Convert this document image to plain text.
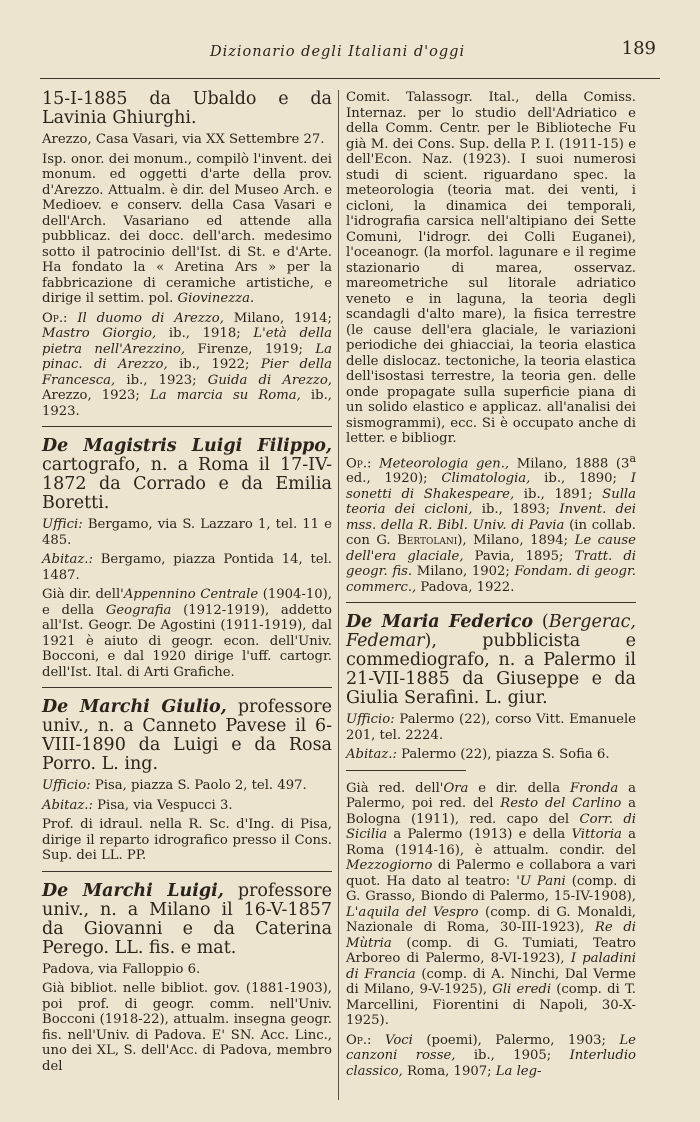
Dizionario degli Italiani d'oggi	189

15-I-1885 da Ubaldo e da Lavinia Ghiurghi.

Arezzo, Casa Vasari, via XX Settembre 27.

Isp. onor. dei monum., compilò l'invent. dei monum. ed oggetti d'arte della prov. d'Arezzo. Attualm. è dir. del Museo Arch. e Medioev. e conserv. della Casa Vasari e dell'Arch. Vasariano ed attende alla pubblicaz. dei docc. dell'arch. medesimo sotto il patrocinio dell'Ist. di St. e d'Arte. Ha fondato la « Aretina Ars » per la fabbricazione di ceramiche artistiche, e dirige il settim. pol. Giovinezza.

Op.: Il duomo di Arezzo, Milano, 1914; Mastro Giorgio, ib., 1918; L'età della pietra nell'Arezzino, Firenze, 1919; La pinac. di Arezzo, ib., 1922; Pier della Francesca, ib., 1923; Guida di Arezzo, Arezzo, 1923; La marcia su Roma, ib., 1923.

De Magistris Luigi Filippo, cartografo, n. a Roma il 17-IV-1872 da Corrado e da Emilia Boretti.

Uffici: Bergamo, via S. Lazzaro 1, tel. 11 e 485.

Abitaz.: Bergamo, piazza Pontida 14, tel. 1487.

Già dir. dell'Appennino Centrale (1904-10), e della Geografia (1912-1919), addetto all'Ist. Geogr. De Agostini (1911-1919), dal 1921 è aiuto di geogr. econ. dell'Univ. Bocconi, e dal 1920 dirige l'uff. cartogr. dell'Ist. Ital. di Arti Grafiche.

De Marchi Giulio, professore univ., n. a Canneto Pavese il 6-VIII-1890 da Luigi e da Rosa Porro. L. ing.

Ufficio: Pisa, piazza S. Paolo 2, tel. 497.

Abitaz.: Pisa, via Vespucci 3.

Prof. di idraul. nella R. Sc. d'Ing. di Pisa, dirige il reparto idrografico presso il Cons. Sup. dei LL. PP.

De Marchi Luigi, professore univ., n. a Milano il 16-V-1857 da Giovanni e da Caterina Perego. LL. fis. e mat.

Padova, via Falloppio 6.

Già bibliot. nelle bibliot. gov. (1881-1903), poi prof. di geogr. comm. nell'Univ. Bocconi (1918-22), attualm. insegna geogr. fis. nell'Univ. di Padova. E' SN. Acc. Linc., uno dei XL, S. dell'Acc. di Padova, membro del

Comit. Talassogr. Ital., della Comiss. Internaz. per lo studio dell'Adriatico e della Comm. Centr. per le Biblioteche Fu già M. dei Cons. Sup. della P. I. (1911-15) e dell'Econ. Naz. (1923). I suoi numerosi studi di scient. riguardano spec. la meteorologia (teoria mat. dei venti, i cicloni, la dinamica dei temporali, l'idrografia carsica nell'altipiano dei Sette Comuni, l'idrogr. dei Colli Euganei), l'oceanogr. (la morfol. lagunare e il regime stazionario di marea, osservaz. mareometriche sul litorale adriatico veneto e in laguna, la teoria degli scandagli d'alto mare), la fisica terrestre (le cause dell'era glaciale, le variazioni periodiche dei ghiacciai, la teoria elastica delle dislocaz. tectoniche, la teoria elastica dell'isostasi terrestre, la teoria gen. delle onde propagate sulla superficie piana di un solido elastico e applicaz. all'analisi dei sismogrammi), ecc. Si è occupato anche di letter. e bibliogr.

Op.: Meteorologia gen., Milano, 1888 (3$^a$ ed., 1920); Climatologia, ib., 1890; I sonetti di Shakespeare, ib., 1891; Sulla teoria dei cicloni, ib., 1893; Invent. dei mss. della R. Bibl. Univ. di Pavia (in collab. con G. Bertolani), Milano, 1894; Le cause dell'era glaciale, Pavia, 1895; Tratt. di geogr. fis. Milano, 1902; Fondam. di geogr. commerc., Padova, 1922.

De Maria Federico (Bergerac, Fedemar), pubblicista e commediografo, n. a Palermo il 21-VII-1885 da Giuseppe e da Giulia Serafini. L. giur.

Ufficio: Palermo (22), corso Vitt. Emanuele 201, tel. 2224.

Abitaz.: Palermo (22), piazza S. Sofia 6.

Già red. dell'Ora e dir. della Fronda a Palermo, poi red. del Resto del Carlino a Bologna (1911), red. capo del Corr. di Sicilia a Palermo (1913) e della Vittoria a Roma (1914-16), è attualm. condir. del Mezzogiorno di Palermo e collabora a vari quot. Ha dato al teatro: 'U Pani (comp. di G. Grasso, Biondo di Palermo, 15-IV-1908), L'aquila del Vespro (comp. di G. Monaldi, Nazionale di Roma, 30-III-1923), Re di Mùtria (comp. di G. Tumiati, Teatro Arboreo di Palermo, 8-VI-1923), I paladini di Francia (comp. di A. Ninchi, Dal Verme di Milano, 9-V-1925), Gli eredi (comp. di T. Marcellini, Fiorentini di Napoli, 30-X-1925).

Op.: Voci (poemi), Palermo, 1903; Le canzoni rosse, ib., 1905; Interludio classico, Roma, 1907; La leg-
